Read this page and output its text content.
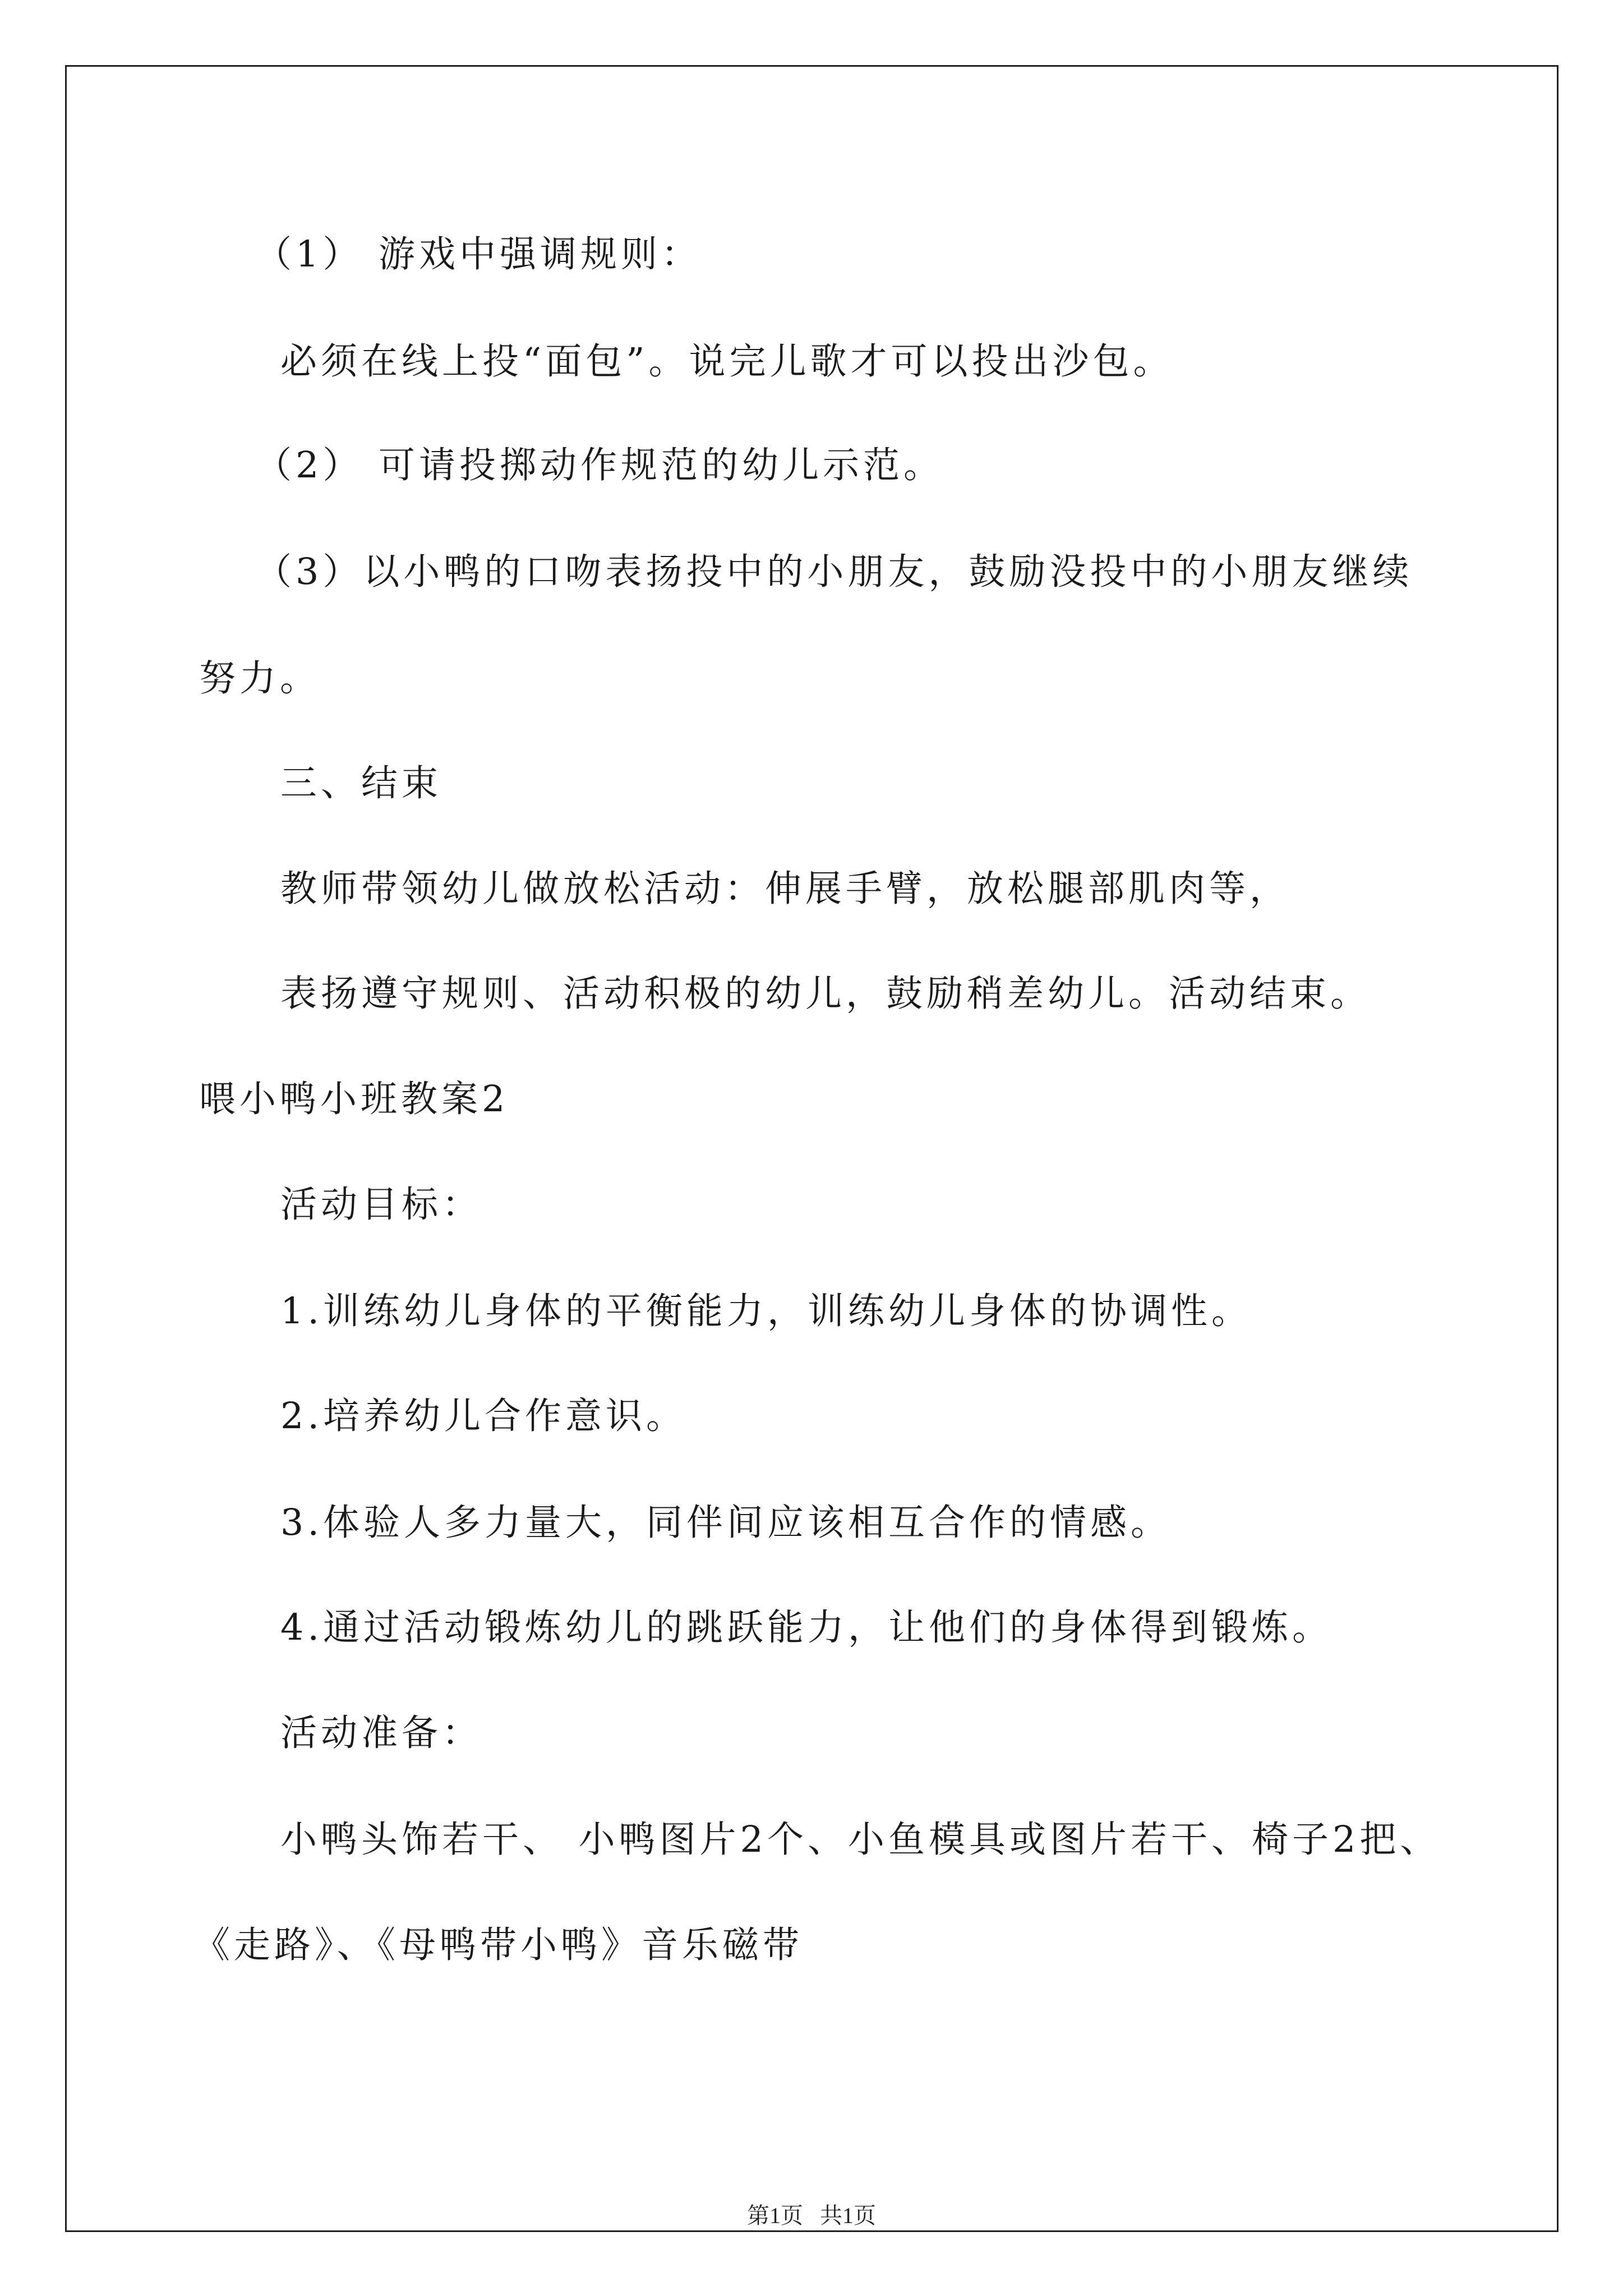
（1） 游戏中强调规则：

必须在线上投“面包”。说完儿歌才可以投出沙包。

（2） 可请投掷动作规范的幼儿示范。

（3）以小鸭的口吻表扬投中的小朋友，鼓励没投中的小朋友继续

努力。

三、结束

教师带领幼儿做放松活动：伸展手臂，放松腿部肌肉等，

表扬遵守规则、活动积极的幼儿，鼓励稍差幼儿。活动结束。

喂小鸭小班教案2

活动目标：

1.训练幼儿身体的平衡能力，训练幼儿身体的协调性。

2.培养幼儿合作意识。

3.体验人多力量大，同伴间应该相互合作的情感。

4.通过活动锻炼幼儿的跳跃能力，让他们的身体得到锻炼。

活动准备：

小鸭头饰若干、 小鸭图片2个、小鱼模具或图片若干、椅子2把、

《走路》、《母鸭带小鸭》音乐磁带

第1页   共1页
